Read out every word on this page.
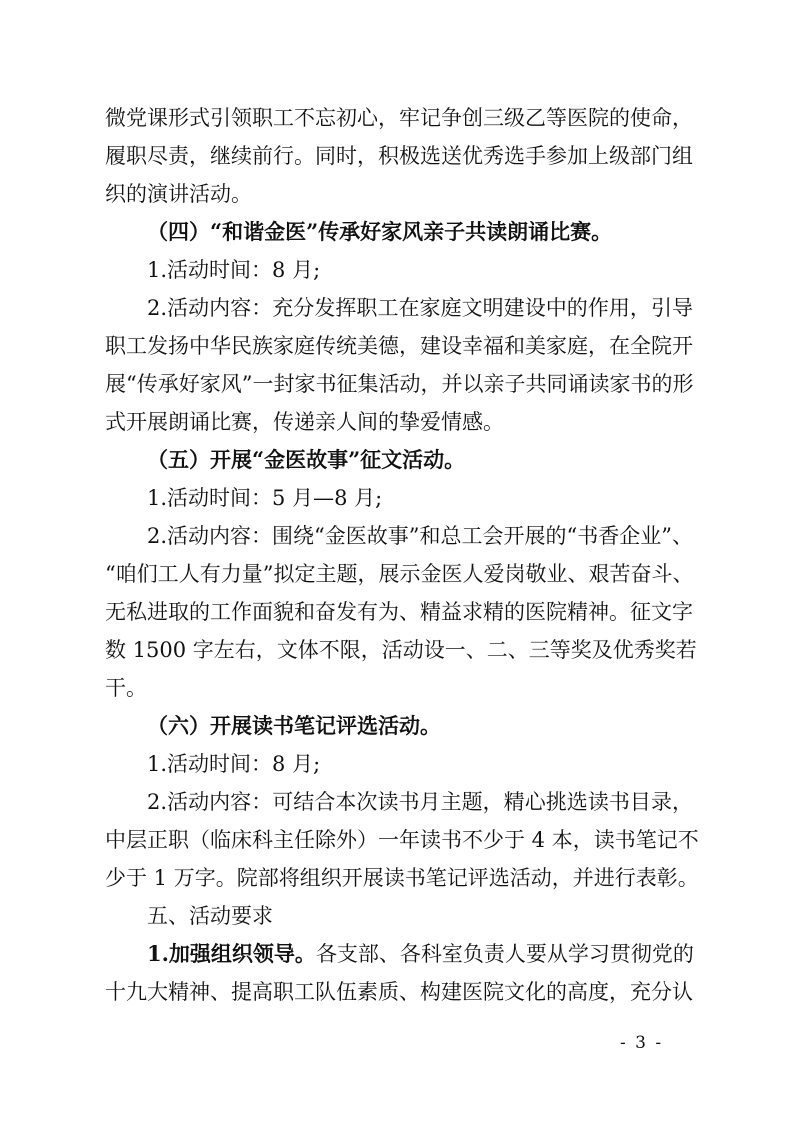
微党课形式引领职工不忘初心，牢记争创三级乙等医院的使命，
履职尽责，继续前行。同时，积极选送优秀选手参加上级部门组
织的演讲活动。
（四）“和谐金医”传承好家风亲子共读朗诵比赛。
1.活动时间：8 月;
2.活动内容：充分发挥职工在家庭文明建设中的作用，引导
职工发扬中华民族家庭传统美德，建设幸福和美家庭，在全院开
展“传承好家风”一封家书征集活动，并以亲子共同诵读家书的形
式开展朗诵比赛，传递亲人间的挚爱情感。
（五）开展“金医故事”征文活动。
1.活动时间：5 月—8 月;
2.活动内容：围绕“金医故事”和总工会开展的“书香企业”、
“咱们工人有力量”拟定主题，展示金医人爱岗敬业、艰苦奋斗、
无私进取的工作面貌和奋发有为、精益求精的医院精神。征文字
数 1500 字左右，文体不限，活动设一、二、三等奖及优秀奖若
干。
（六）开展读书笔记评选活动。
1.活动时间：8 月;
2.活动内容：可结合本次读书月主题，精心挑选读书目录，
中层正职（临床科主任除外）一年读书不少于 4 本，读书笔记不
少于 1 万字。院部将组织开展读书笔记评选活动，并进行表彰。
五、活动要求
1.加强组织领导。各支部、各科室负责人要从学习贯彻党的
十九大精神、提高职工队伍素质、构建医院文化的高度，充分认
- 3 -
